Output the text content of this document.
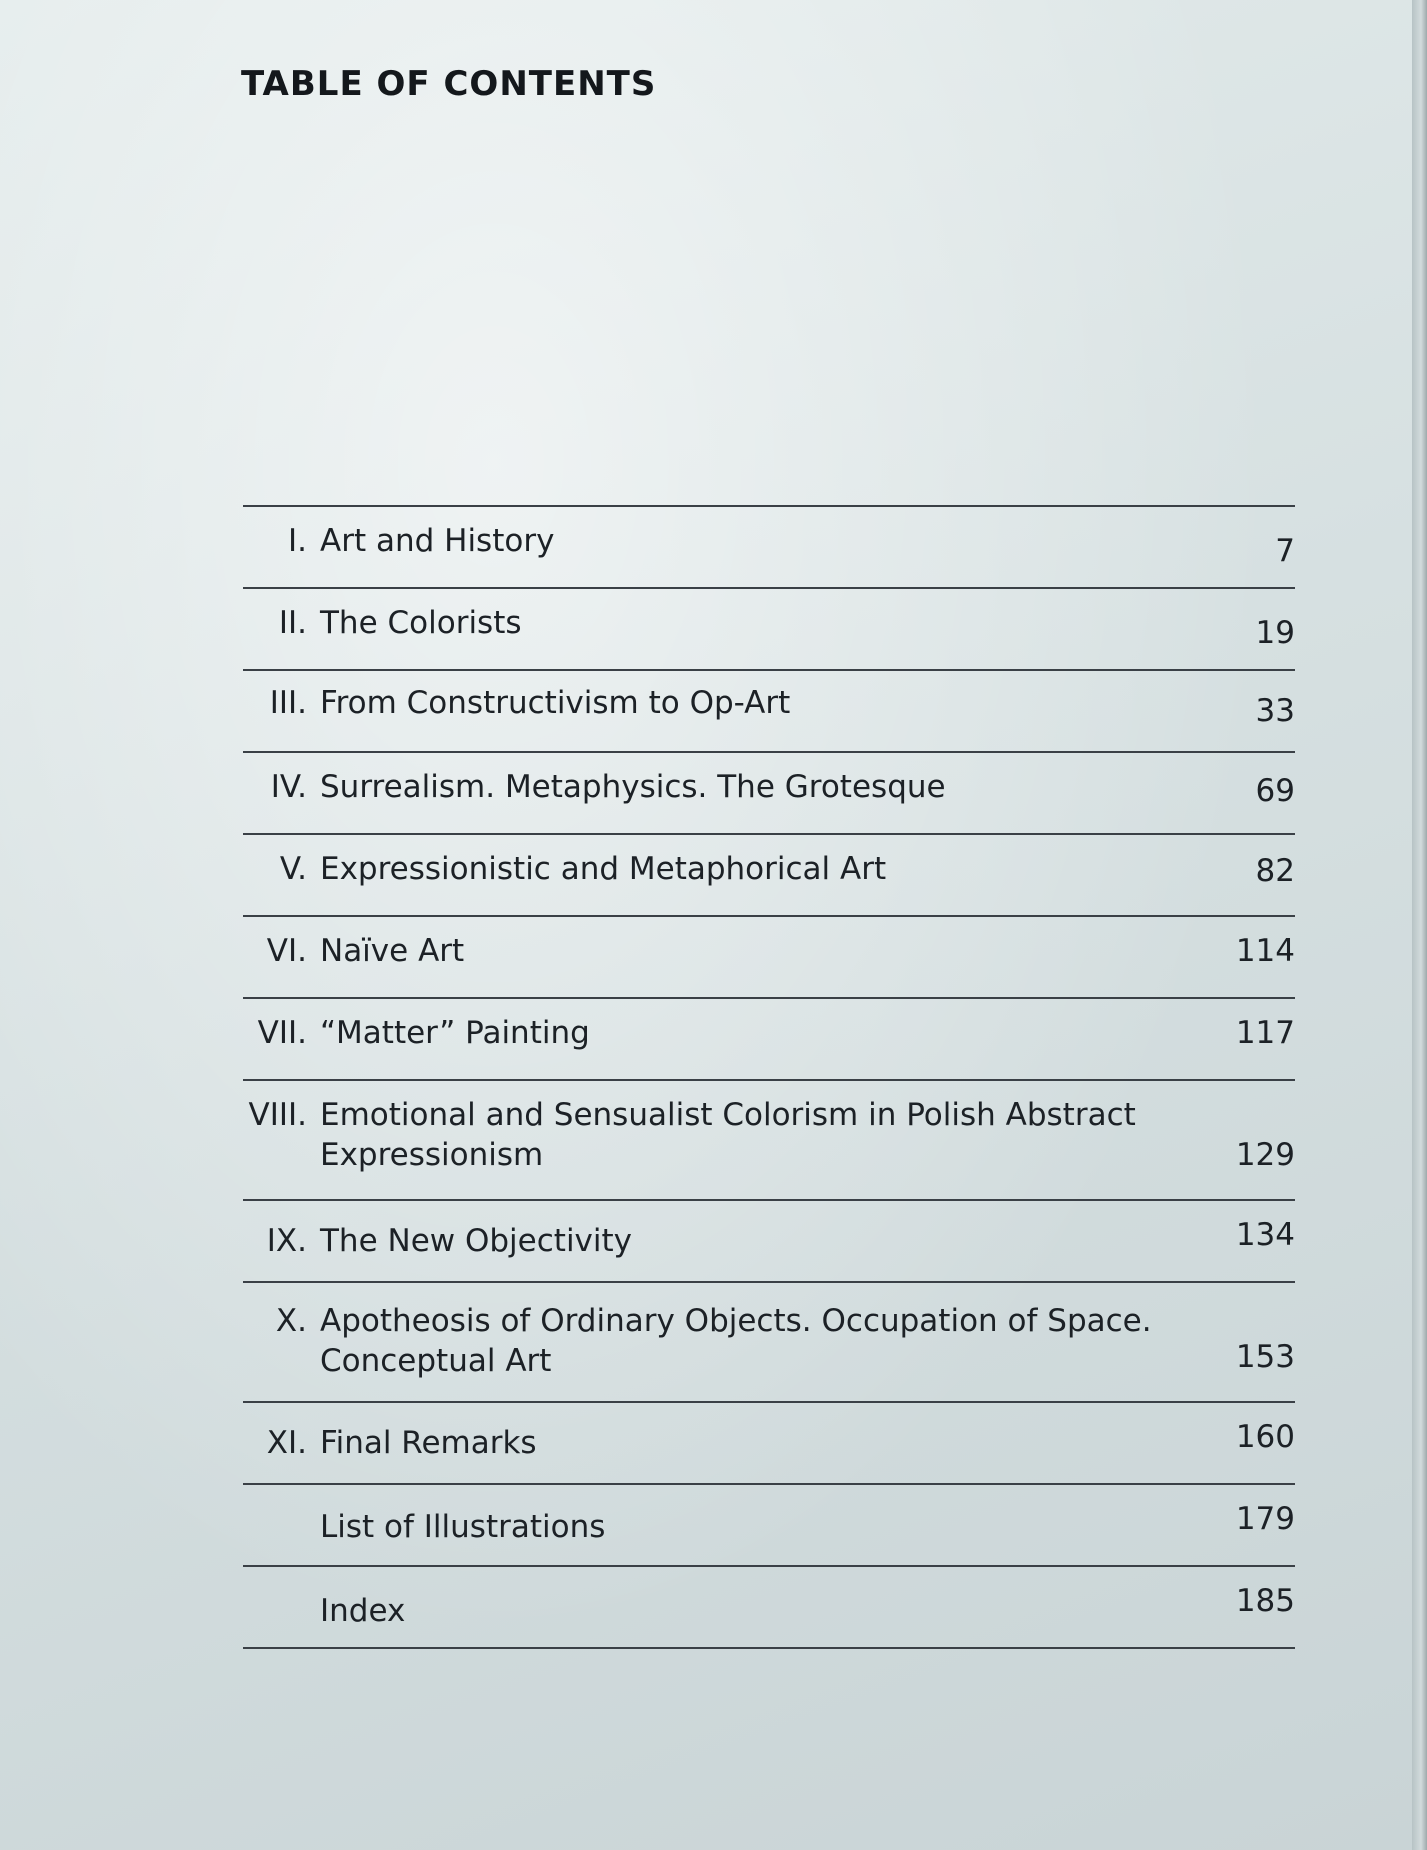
TABLE OF CONTENTS
I. Art and History	7
II. The Colorists	19
III. From Constructivism to Op-Art	33
IV. Surrealism. Metaphysics. The Grotesque	69
V. Expressionistic and Metaphorical Art	82
VI. Naïve Art	114
VII. “Matter” Painting	117
VIII. Emotional and Sensualist Colorism in Polish Abstract Expressionism	129
IX. The New Objectivity	134
X. Apotheosis of Ordinary Objects. Occupation of Space. Conceptual Art	153
XI. Final Remarks	160
List of Illustrations	179
Index	185
